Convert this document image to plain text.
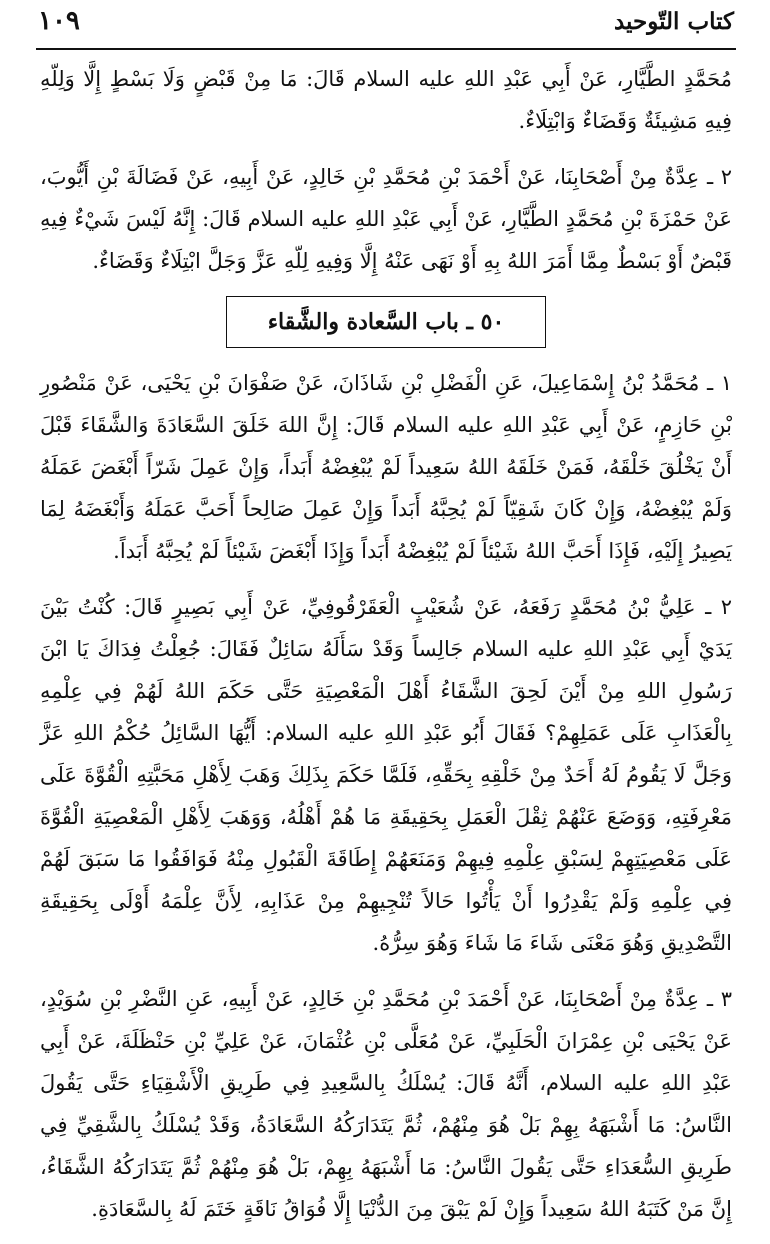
١٠٩	كتاب التّوحيد

مُحَمَّدٍ الطَّيَّارِ، عَنْ أَبِي عَبْدِ اللهِ عليه السلام قَالَ: مَا مِنْ قَبْضٍ وَلَا بَسْطٍ إِلَّا وَلِلّهِ فِيهِ مَشِيئَةٌ وَقَضَاءٌ وَابْتِلَاءٌ.

٢ ـ عِدَّةٌ مِنْ أَصْحَابِنَا، عَنْ أَحْمَدَ بْنِ مُحَمَّدِ بْنِ خَالِدٍ، عَنْ أَبِيهِ، عَنْ فَضَالَةَ بْنِ أَيُّوبَ، عَنْ حَمْزَةَ بْنِ مُحَمَّدٍ الطَّيَّارِ، عَنْ أَبِي عَبْدِ اللهِ عليه السلام قَالَ: إِنَّهُ لَيْسَ شَيْءٌ فِيهِ قَبْضٌ أَوْ بَسْطٌ مِمَّا أَمَرَ اللهُ بِهِ أَوْ نَهَى عَنْهُ إِلَّا وَفِيهِ لِلّهِ عَزَّ وَجَلَّ ابْتِلَاءٌ وَقَضَاءٌ.

٥٠ ـ باب السَّعادة والشَّقاء

١ ـ مُحَمَّدُ بْنُ إِسْمَاعِيلَ، عَنِ الْفَضْلِ بْنِ شَاذَانَ، عَنْ صَفْوَانَ بْنِ يَحْيَى، عَنْ مَنْصُورِ بْنِ حَازِمٍ، عَنْ أَبِي عَبْدِ اللهِ عليه السلام قَالَ: إِنَّ اللهَ خَلَقَ السَّعَادَةَ وَالشَّقَاءَ قَبْلَ أَنْ يَخْلُقَ خَلْقَهُ، فَمَنْ خَلَقَهُ اللهُ سَعِيداً لَمْ يُبْغِضْهُ أَبَداً، وَإِنْ عَمِلَ شَرّاً أَبْغَضَ عَمَلَهُ وَلَمْ يُبْغِضْهُ، وَإِنْ كَانَ شَقِيّاً لَمْ يُحِبَّهُ أَبَداً وَإِنْ عَمِلَ صَالِحاً أَحَبَّ عَمَلَهُ وَأَبْغَضَهُ لِمَا يَصِيرُ إِلَيْهِ، فَإِذَا أَحَبَّ اللهُ شَيْئاً لَمْ يُبْغِضْهُ أَبَداً وَإِذَا أَبْغَضَ شَيْئاً لَمْ يُحِبَّهُ أَبَداً.

٢ ـ عَلِيُّ بْنُ مُحَمَّدٍ رَفَعَهُ، عَنْ شُعَيْبٍ الْعَقَرْقُوفِيِّ، عَنْ أَبِي بَصِيرٍ قَالَ: كُنْتُ بَيْنَ يَدَيْ أَبِي عَبْدِ اللهِ عليه السلام جَالِساً وَقَدْ سَأَلَهُ سَائِلٌ فَقَالَ: جُعِلْتُ فِدَاكَ يَا ابْنَ رَسُولِ اللهِ مِنْ أَيْنَ لَحِقَ الشَّقَاءُ أَهْلَ الْمَعْصِيَةِ حَتَّى حَكَمَ اللهُ لَهُمْ فِي عِلْمِهِ بِالْعَذَابِ عَلَى عَمَلِهِمْ؟ فَقَالَ أَبُو عَبْدِ اللهِ عليه السلام: أَيُّهَا السَّائِلُ حُكْمُ اللهِ عَزَّ وَجَلَّ لَا يَقُومُ لَهُ أَحَدٌ مِنْ خَلْقِهِ بِحَقِّهِ، فَلَمَّا حَكَمَ بِذَلِكَ وَهَبَ لِأَهْلِ مَحَبَّتِهِ الْقُوَّةَ عَلَى مَعْرِفَتِهِ، وَوَضَعَ عَنْهُمْ ثِقْلَ الْعَمَلِ بِحَقِيقَةِ مَا هُمْ أَهْلُهُ، وَوَهَبَ لِأَهْلِ الْمَعْصِيَةِ الْقُوَّةَ عَلَى مَعْصِيَتِهِمْ لِسَبْقِ عِلْمِهِ فِيهِمْ وَمَنَعَهُمْ إِطَاقَةَ الْقَبُولِ مِنْهُ فَوَافَقُوا مَا سَبَقَ لَهُمْ فِي عِلْمِهِ وَلَمْ يَقْدِرُوا أَنْ يَأْتُوا حَالاً تُنْجِيهِمْ مِنْ عَذَابِهِ، لِأَنَّ عِلْمَهُ أَوْلَى بِحَقِيقَةِ التَّصْدِيقِ وَهُوَ مَعْنَى شَاءَ مَا شَاءَ وَهُوَ سِرُّهُ.

٣ ـ عِدَّةٌ مِنْ أَصْحَابِنَا، عَنْ أَحْمَدَ بْنِ مُحَمَّدِ بْنِ خَالِدٍ، عَنْ أَبِيهِ، عَنِ النَّضْرِ بْنِ سُوَيْدٍ، عَنْ يَحْيَى بْنِ عِمْرَانَ الْحَلَبِيِّ، عَنْ مُعَلَّى بْنِ عُثْمَانَ، عَنْ عَلِيِّ بْنِ حَنْظَلَةَ، عَنْ أَبِي عَبْدِ اللهِ عليه السلام، أَنَّهُ قَالَ: يُسْلَكُ بِالسَّعِيدِ فِي طَرِيقِ الْأَشْقِيَاءِ حَتَّى يَقُولَ النَّاسُ: مَا أَشْبَهَهُ بِهِمْ بَلْ هُوَ مِنْهُمْ، ثُمَّ يَتَدَارَكُهُ السَّعَادَةُ، وَقَدْ يُسْلَكُ بِالشَّقِيِّ فِي طَرِيقِ السُّعَدَاءِ حَتَّى يَقُولَ النَّاسُ: مَا أَشْبَهَهُ بِهِمْ، بَلْ هُوَ مِنْهُمْ ثُمَّ يَتَدَارَكُهُ الشَّقَاءُ، إِنَّ مَنْ كَتَبَهُ اللهُ سَعِيداً وَإِنْ لَمْ يَبْقَ مِنَ الدُّنْيَا إِلَّا فُوَاقُ نَاقَةٍ خَتَمَ لَهُ بِالسَّعَادَةِ.
